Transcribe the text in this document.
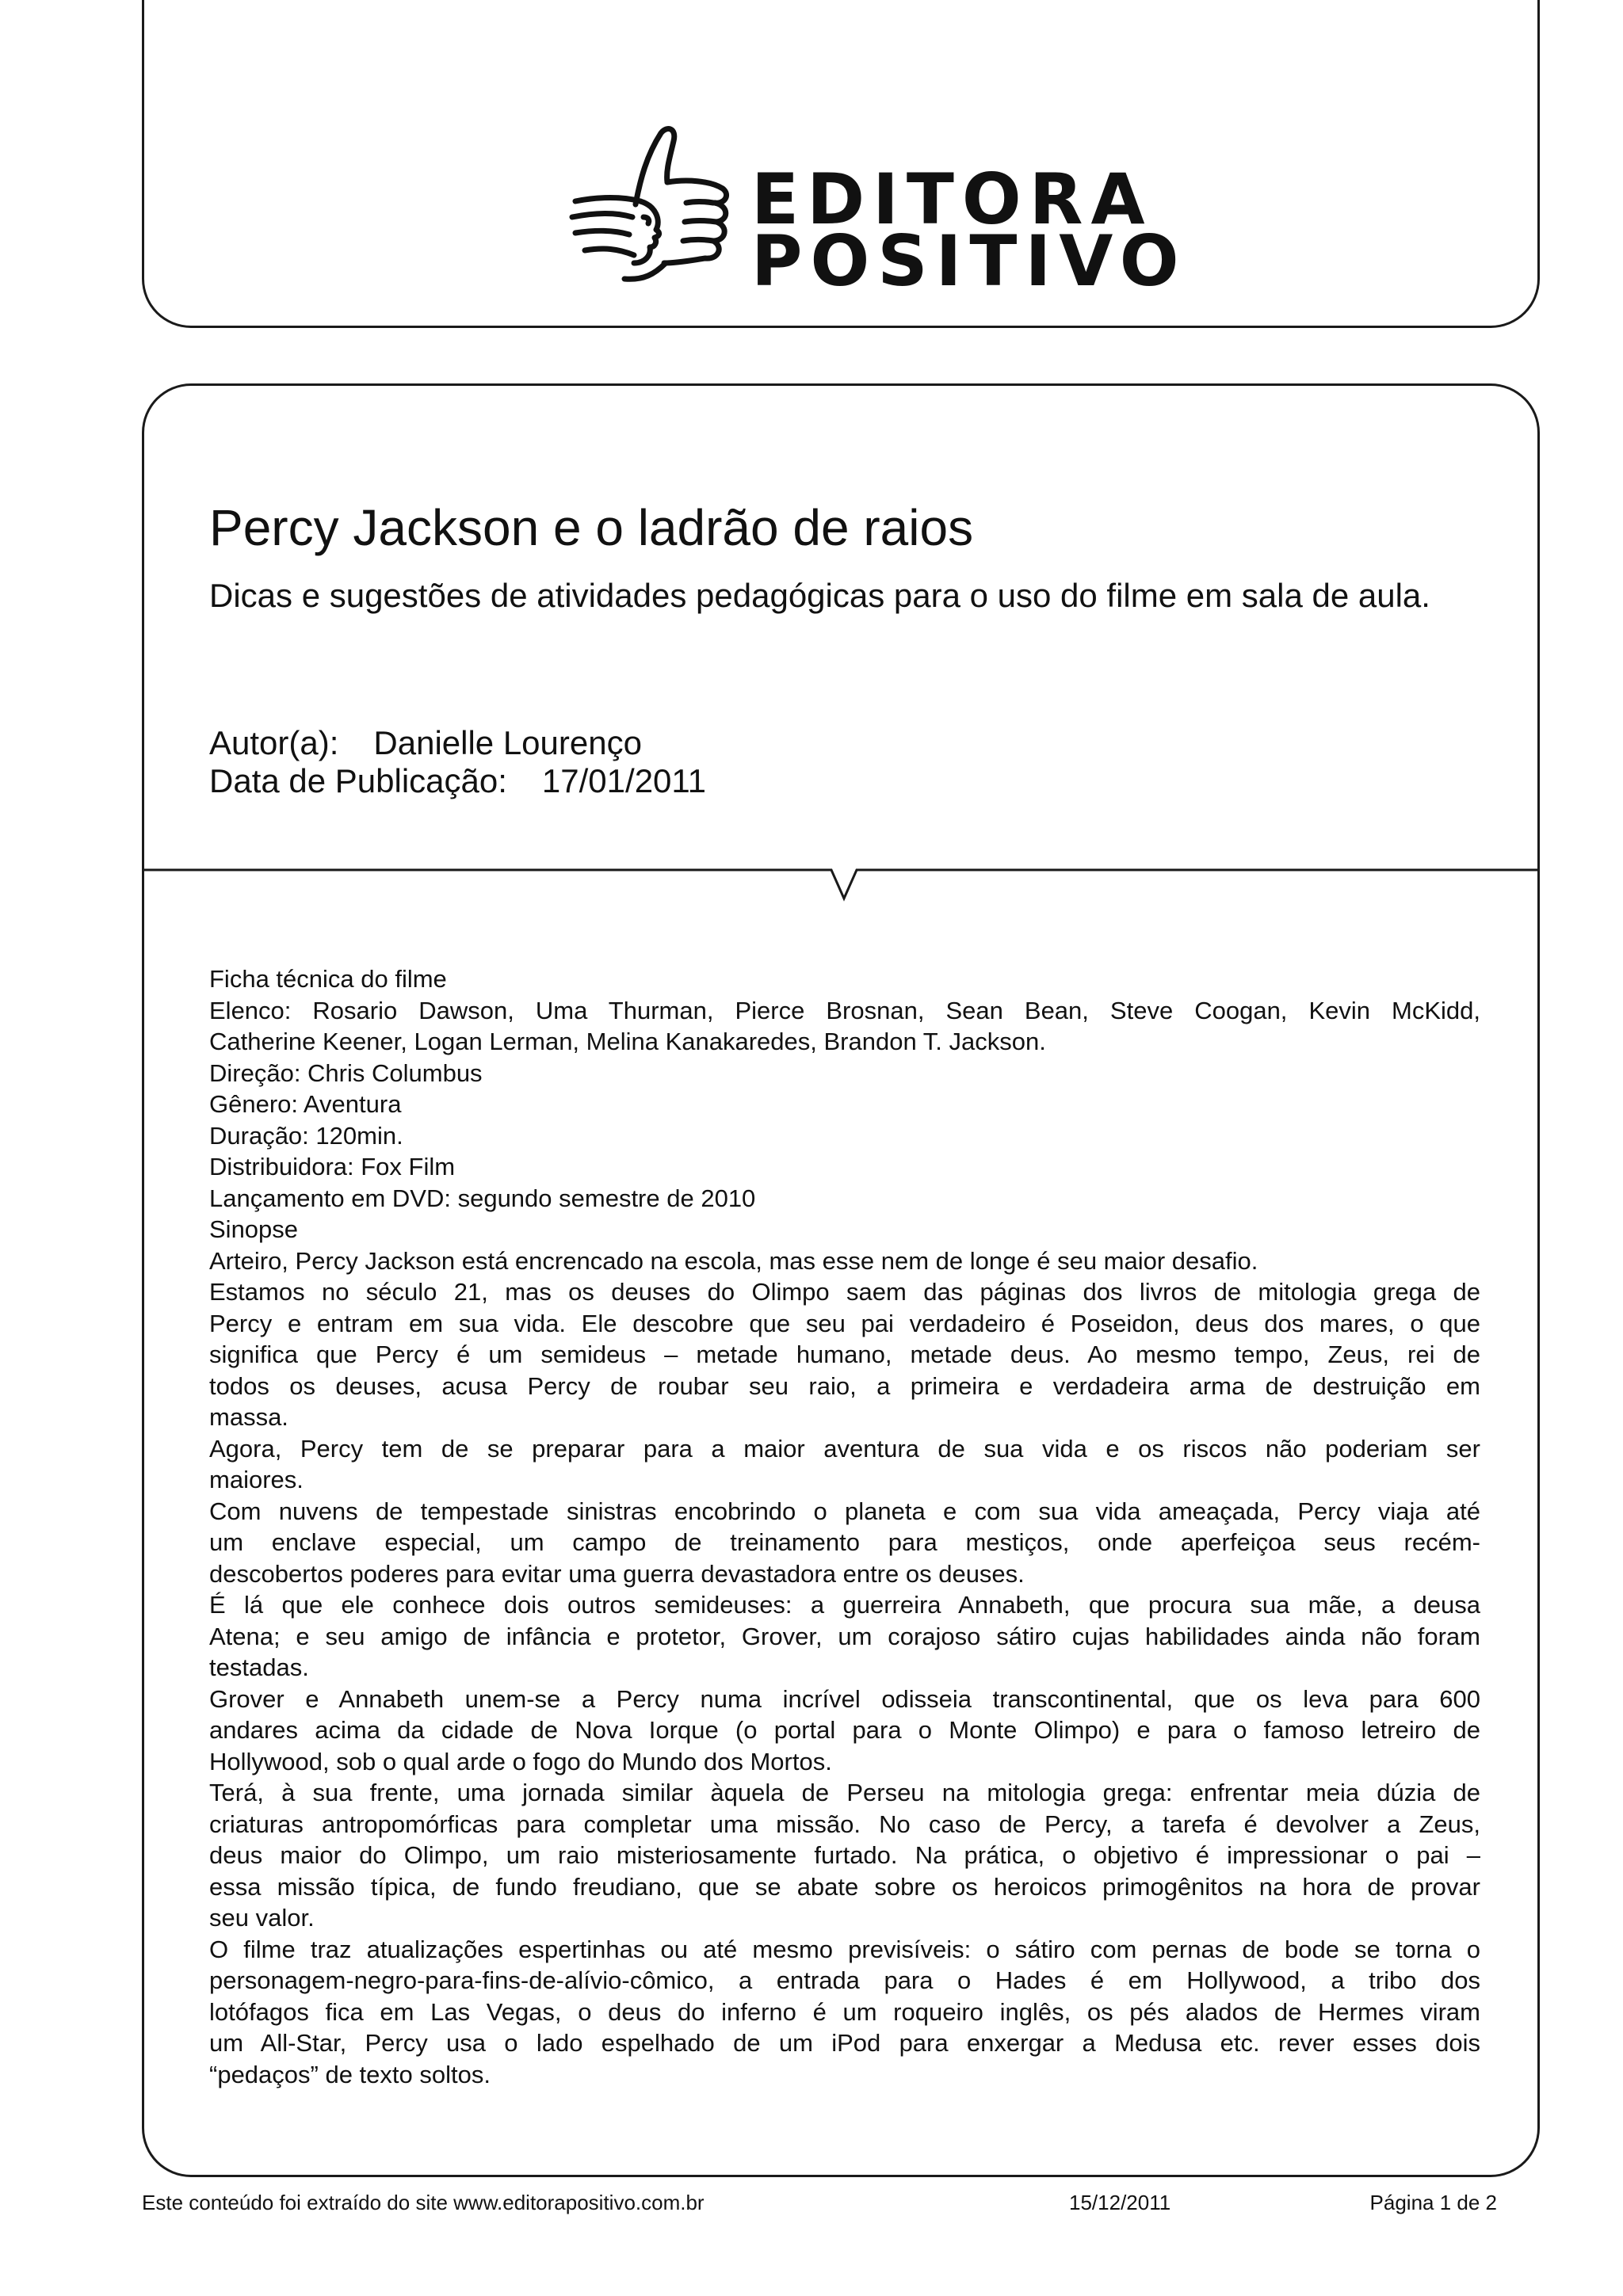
EDITORA
POSITIVO
Percy Jackson e o ladrão de raios
Dicas e sugestões de atividades pedagógicas para o uso do filme em sala de aula.
Autor(a): Danielle Lourenço
Data de Publicação: 17/01/2011
Ficha técnica do filme
Elenco: Rosario Dawson, Uma Thurman, Pierce Brosnan, Sean Bean, Steve Coogan, Kevin McKidd,
Catherine Keener, Logan Lerman, Melina Kanakaredes, Brandon T. Jackson.
Direção: Chris Columbus
Gênero: Aventura
Duração: 120min.
Distribuidora: Fox Film
Lançamento em DVD: segundo semestre de 2010
Sinopse
Arteiro, Percy Jackson está encrencado na escola, mas esse nem de longe é seu maior desafio.
Estamos no século 21, mas os deuses do Olimpo saem das páginas dos livros de mitologia grega de
Percy e entram em sua vida. Ele descobre que seu pai verdadeiro é Poseidon, deus dos mares, o que
significa que Percy é um semideus – metade humano, metade deus. Ao mesmo tempo, Zeus, rei de
todos os deuses, acusa Percy de roubar seu raio, a primeira e verdadeira arma de destruição em
massa.
Agora, Percy tem de se preparar para a maior aventura de sua vida e os riscos não poderiam ser
maiores.
Com nuvens de tempestade sinistras encobrindo o planeta e com sua vida ameaçada, Percy viaja até
um enclave especial, um campo de treinamento para mestiços, onde aperfeiçoa seus recém-
descobertos poderes para evitar uma guerra devastadora entre os deuses.
É lá que ele conhece dois outros semideuses: a guerreira Annabeth, que procura sua mãe, a deusa
Atena; e seu amigo de infância e protetor, Grover, um corajoso sátiro cujas habilidades ainda não foram
testadas.
Grover e Annabeth unem-se a Percy numa incrível odisseia transcontinental, que os leva para 600
andares acima da cidade de Nova Iorque (o portal para o Monte Olimpo) e para o famoso letreiro de
Hollywood, sob o qual arde o fogo do Mundo dos Mortos.
Terá, à sua frente, uma jornada similar àquela de Perseu na mitologia grega: enfrentar meia dúzia de
criaturas antropomórficas para completar uma missão. No caso de Percy, a tarefa é devolver a Zeus,
deus maior do Olimpo, um raio misteriosamente furtado. Na prática, o objetivo é impressionar o pai –
essa missão típica, de fundo freudiano, que se abate sobre os heroicos primogênitos na hora de provar
seu valor.
O filme traz atualizações espertinhas ou até mesmo previsíveis: o sátiro com pernas de bode se torna o
personagem-negro-para-fins-de-alívio-cômico, a entrada para o Hades é em Hollywood, a tribo dos
lotófagos fica em Las Vegas, o deus do inferno é um roqueiro inglês, os pés alados de Hermes viram
um All-Star, Percy usa o lado espelhado de um iPod para enxergar a Medusa etc. rever esses dois
“pedaços” de texto soltos.
Este conteúdo foi extraído do site www.editorapositivo.com.br	15/12/2011	Página 1 de 2
